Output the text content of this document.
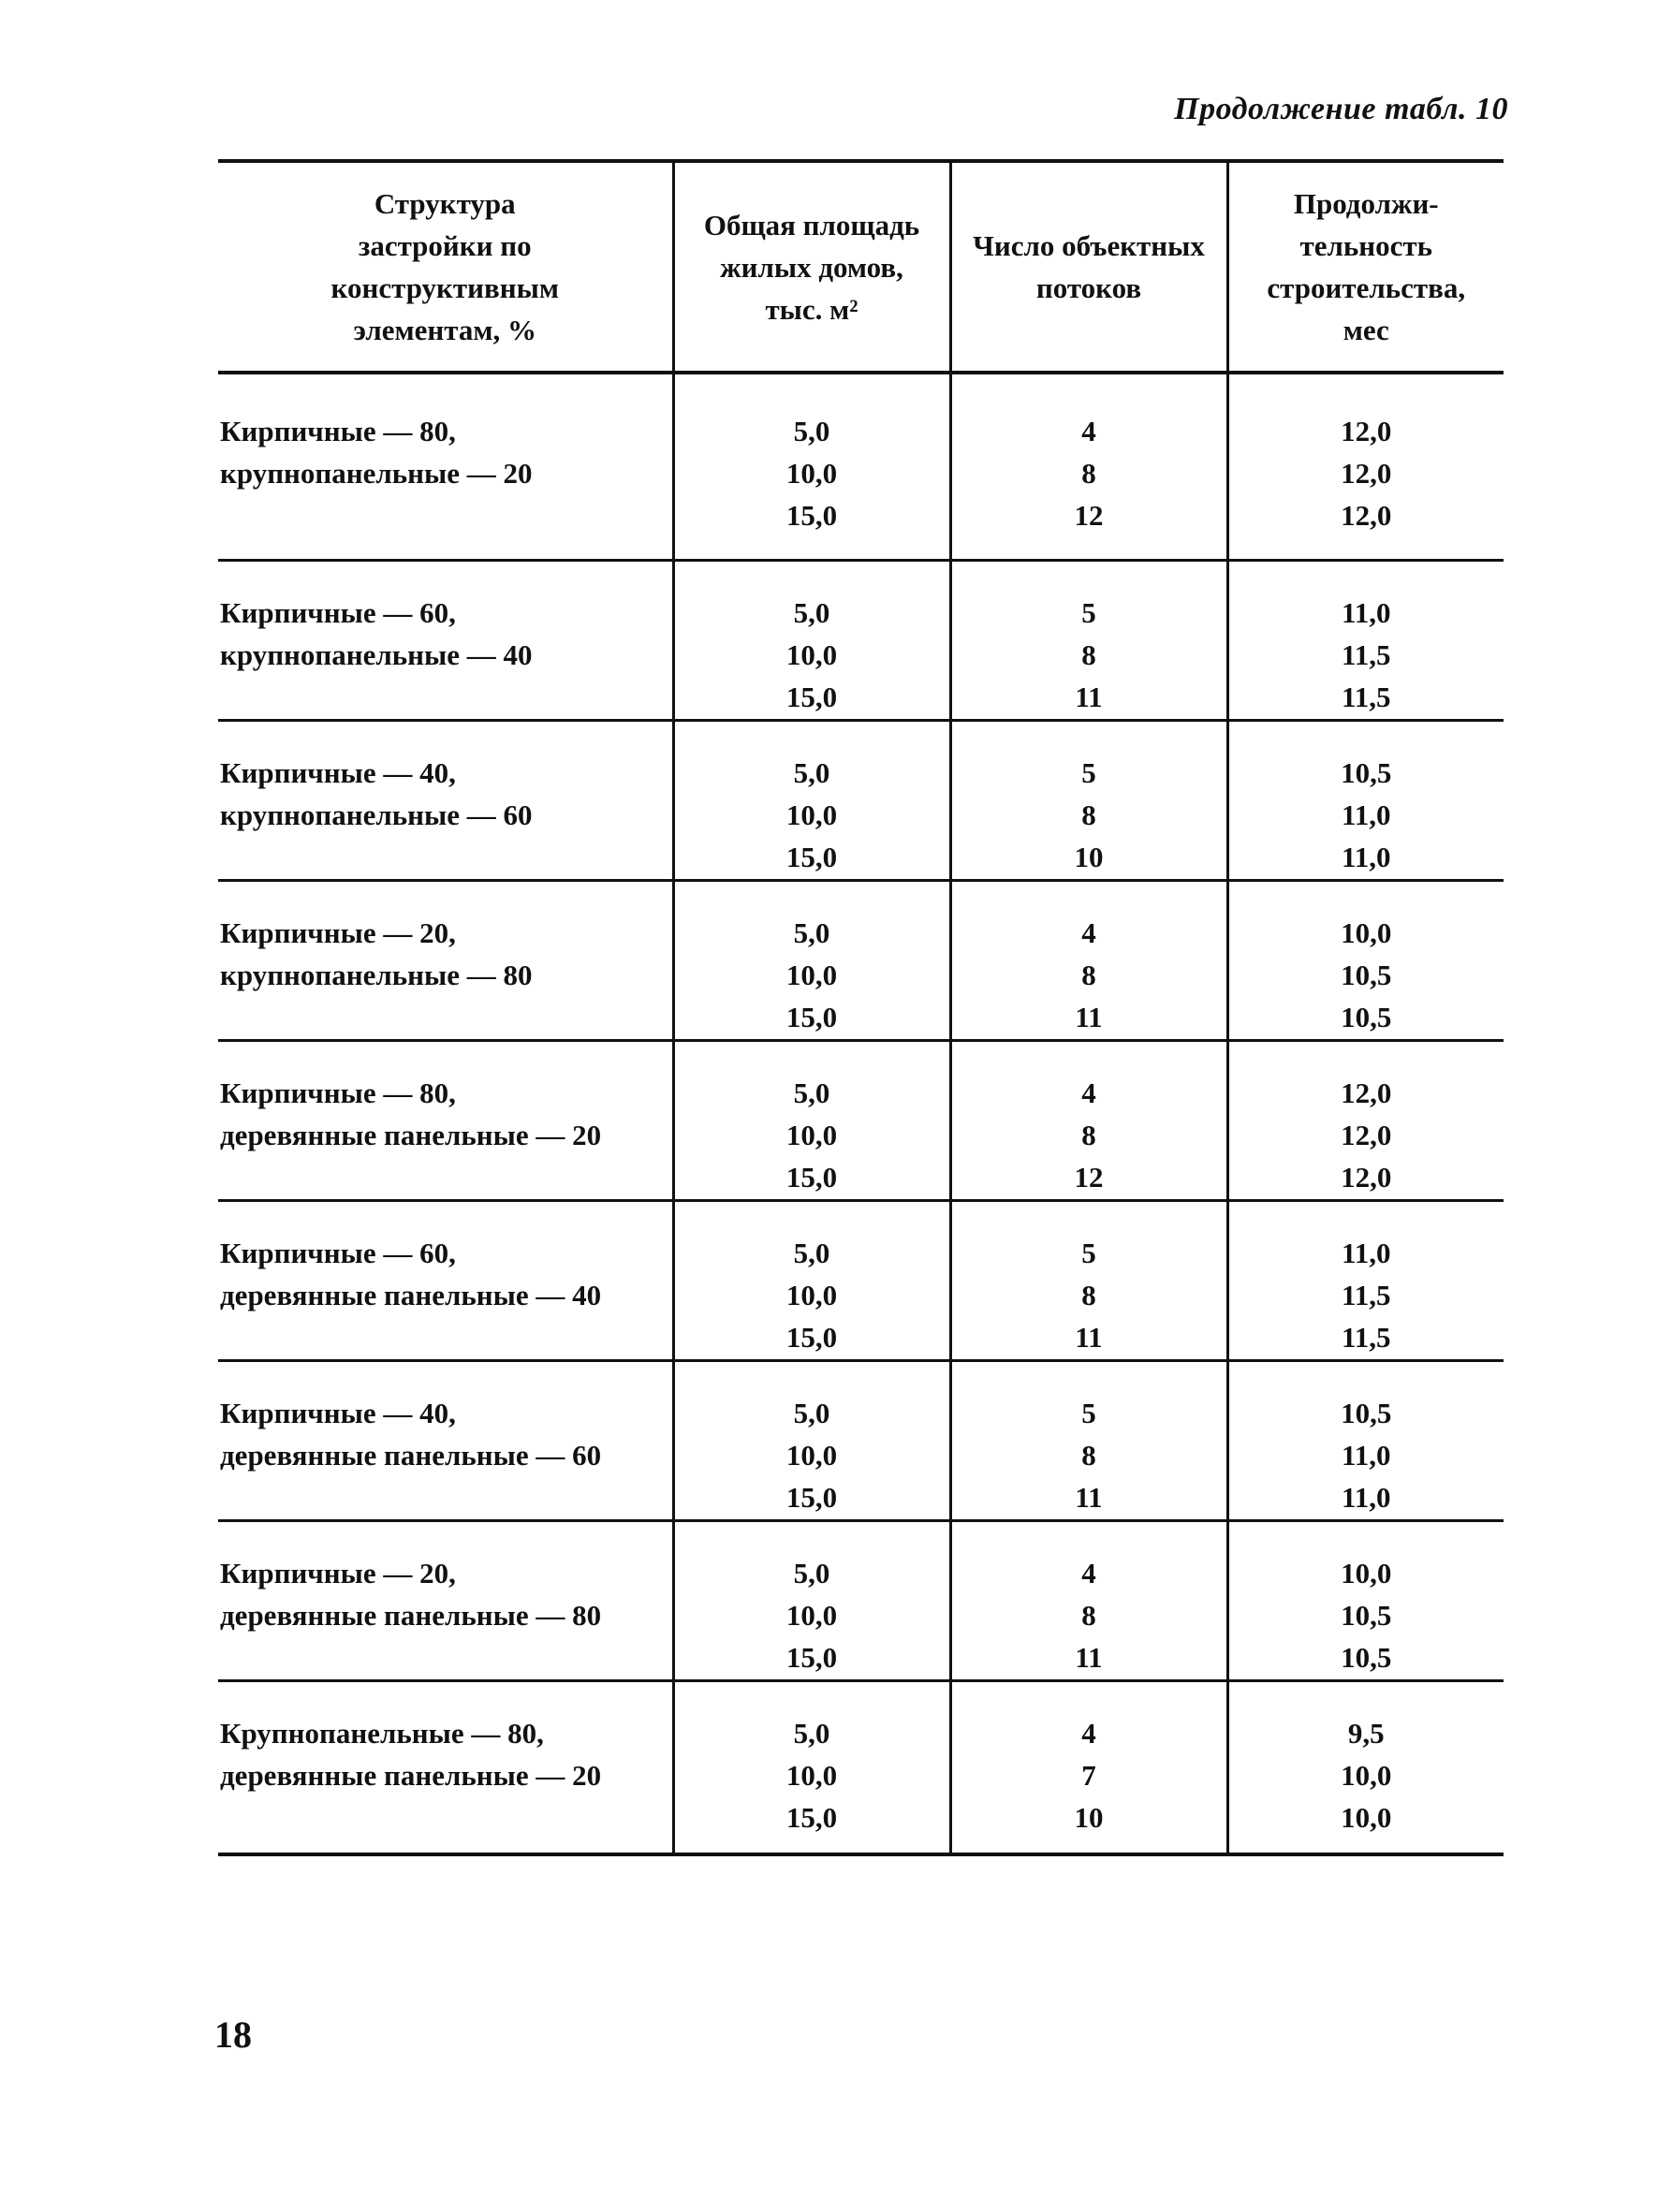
Продолжение табл. 10
Структура
застройки по
конструктивным
элементам, %	Общая площадь
жилых домов,
тыс. м²	Число объектных
потоков	Продолжи-
тельность
строительства,
мес

Кирпичные — 80,
крупнопанельные — 20	5,0
10,0
15,0	4
8
12	12,0
12,0
12,0

Кирпичные — 60,
крупнопанельные — 40	5,0
10,0
15,0	5
8
11	11,0
11,5
11,5

Кирпичные — 40,
крупнопанельные — 60	5,0
10,0
15,0	5
8
10	10,5
11,0
11,0

Кирпичные — 20,
крупнопанельные — 80	5,0
10,0
15,0	4
8
11	10,0
10,5
10,5

Кирпичные — 80,
деревянные панельные — 20	5,0
10,0
15,0	4
8
12	12,0
12,0
12,0

Кирпичные — 60,
деревянные панельные — 40	5,0
10,0
15,0	5
8
11	11,0
11,5
11,5

Кирпичные — 40,
деревянные панельные — 60	5,0
10,0
15,0	5
8
11	10,5
11,0
11,0

Кирпичные — 20,
деревянные панельные — 80	5,0
10,0
15,0	4
8
11	10,0
10,5
10,5

Крупнопанельные — 80,
деревянные панельные — 20	5,0
10,0
15,0	4
7
10	9,5
10,0
10,0
18
